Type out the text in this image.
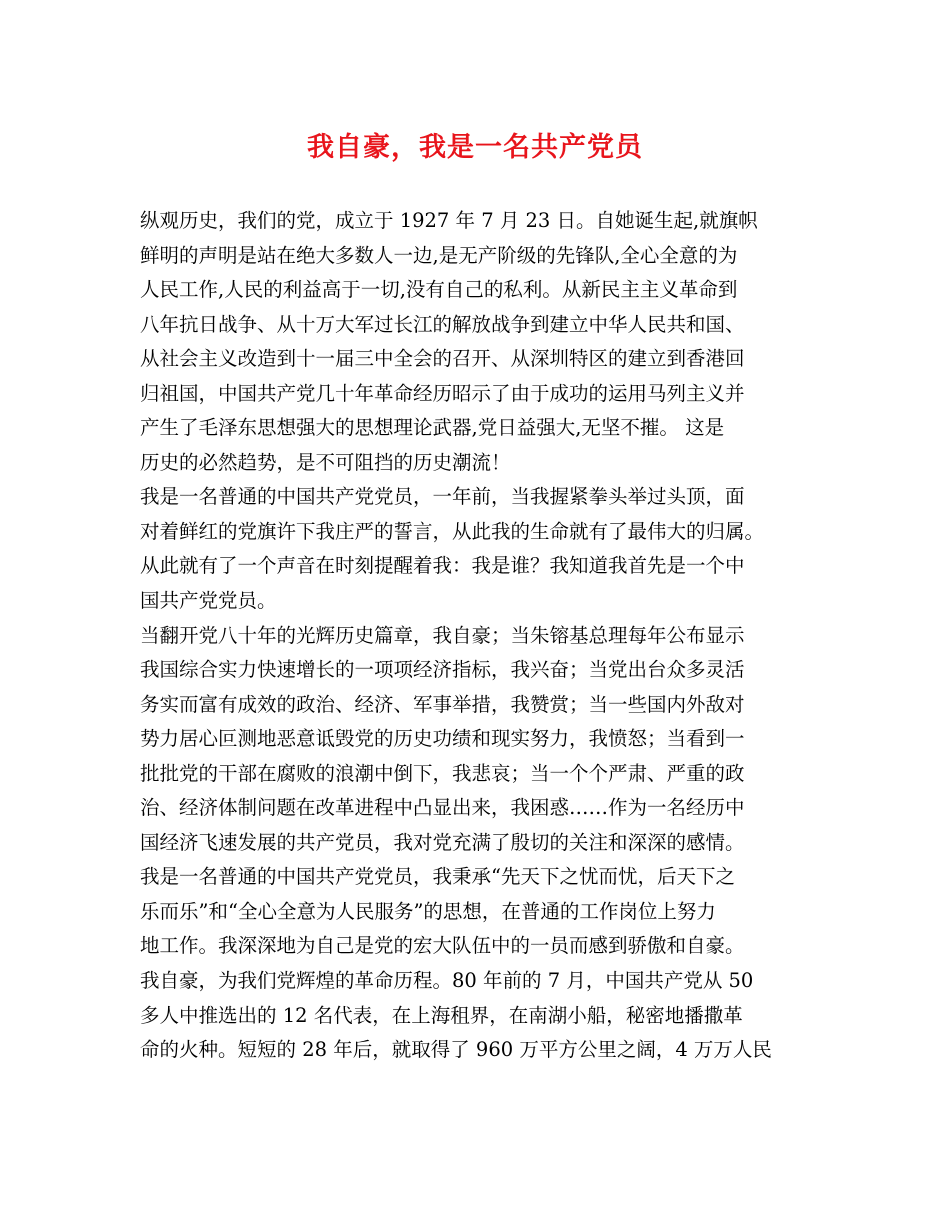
我自豪，我是一名共产党员
纵观历史，我们的党，成立于 1927 年 7 月 23 日。自她诞生起,就旗帜
鲜明的声明是站在绝大多数人一边,是无产阶级的先锋队,全心全意的为
人民工作,人民的利益高于一切,没有自己的私利。从新民主主义革命到
八年抗日战争、从十万大军过长江的解放战争到建立中华人民共和国、
从社会主义改造到十一届三中全会的召开、从深圳特区的建立到香港回
归祖国，中国共产党几十年革命经历昭示了由于成功的运用马列主义并
产生了毛泽东思想强大的思想理论武器,党日益强大,无坚不摧。 这是
历史的必然趋势，是不可阻挡的历史潮流！
我是一名普通的中国共产党党员，一年前，当我握紧拳头举过头顶，面
对着鲜红的党旗许下我庄严的誓言，从此我的生命就有了最伟大的归属。
从此就有了一个声音在时刻提醒着我：我是谁？我知道我首先是一个中
国共产党党员。
当翻开党八十年的光辉历史篇章，我自豪；当朱镕基总理每年公布显示
我国综合实力快速增长的一项项经济指标，我兴奋；当党出台众多灵活
务实而富有成效的政治、经济、军事举措，我赞赏；当一些国内外敌对
势力居心叵测地恶意诋毁党的历史功绩和现实努力，我愤怒；当看到一
批批党的干部在腐败的浪潮中倒下，我悲哀；当一个个严肃、严重的政
治、经济体制问题在改革进程中凸显出来，我困惑……作为一名经历中
国经济飞速发展的共产党员，我对党充满了殷切的关注和深深的感情。
我是一名普通的中国共产党党员，我秉承“先天下之忧而忧，后天下之
乐而乐”和“全心全意为人民服务”的思想，在普通的工作岗位上努力
地工作。我深深地为自己是党的宏大队伍中的一员而感到骄傲和自豪。
我自豪，为我们党辉煌的革命历程。80 年前的 7 月，中国共产党从 50
多人中推选出的 12 名代表，在上海租界，在南湖小船，秘密地播撒革
命的火种。短短的 28 年后，就取得了 960 万平方公里之阔，4 万万人民
